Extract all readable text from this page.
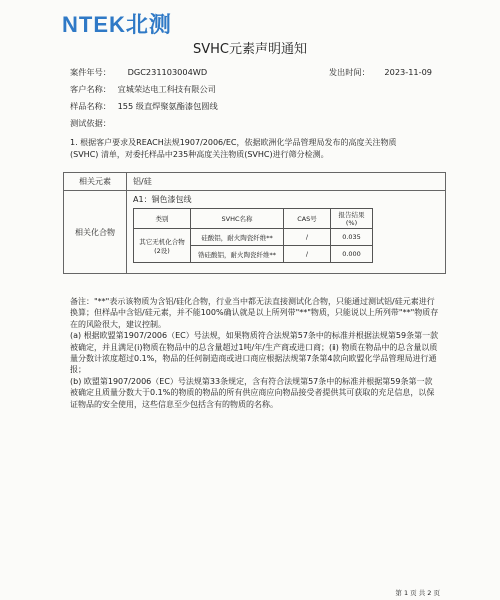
NTEK北测
SVHC元素声明通知
案件年号： DGC231103004WD	发出时间： 2023-11-09
客户名称： 宜城荣达电工科技有限公司
样品名称： 155 级直焊聚氨酯漆包圆线
测试依据：
1. 根据客户要求及REACH法规1907/2006/EC，依据欧洲化学品管理局发布的高度关注物质
(SVHC) 清单，对委托样品中235种高度关注物质(SVHC)进行筛分检测。
相关元素	铝/硅
相关化合物	
A1：铜色漆包线
类别	SVHC名称	CAS号	报告结果 (%)

其它无机化合物
(2设)
	硅酸铝，耐火陶瓷纤维**	/	0.035
锆硅酸铝，耐火陶瓷纤维**	/	0.000

备注："**"表示该物质为含铝/硅化合物，行业当中都无法直接测试化合物，只能通过测试铝/硅元素进行换算；但样品中含铝/硅元素，并不能100%确认就是以上所列带"**"物质，只能说以上所列带"**"物质存在的风险很大，建议控制。

(a) 根据欧盟第1907/2006（EC）号法规，如果物质符合法规第57条中的标准并根据法规第59条第一款被确定，并且满足(ⅰ)物质在物品中的总含量超过1吨/年/生产商或进口商；(ⅱ) 物质在物品中的总含量以质量分数计浓度超过0.1%，物品的任何制造商或进口商应根据法规第7条第4款向欧盟化学品管理局进行通报；

(b) 欧盟第1907/2006（EC）号法规第33条规定，含有符合法规第57条中的标准并根据第59条第一款被确定且质量分数大于0.1%的物质的物品的所有供应商应向物品接受者提供其可获取的充足信息，以保证物品的安全使用，这些信息至少包括含有的物质的名称。

第 1 页 共 2 页
